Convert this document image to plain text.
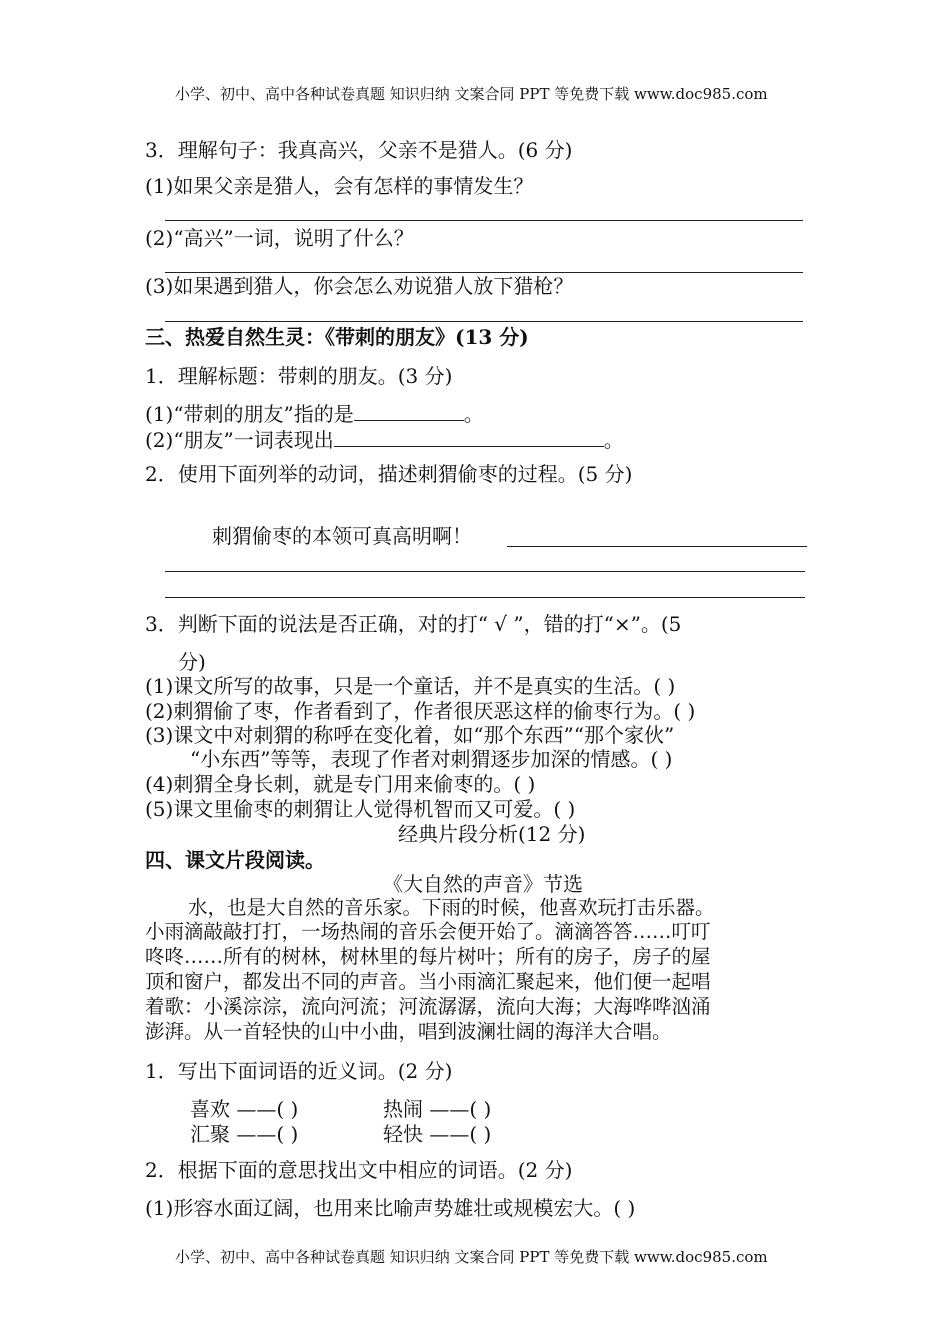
小学、初中、高中各种试卷真题 知识归纳 文案合同 PPT 等免费下载 www.doc985.com
3．理解句子：我真高兴，父亲不是猎人。(6 分)
(1)如果父亲是猎人，会有怎样的事情发生？
(2)“高兴”一词，说明了什么？
(3)如果遇到猎人，你会怎么劝说猎人放下猎枪？
三、热爱自然生灵：《带刺的朋友》(13 分)
1．理解标题：带刺的朋友。(3 分)
(1)“带刺的朋友”指的是	。
(2)“朋友”一词表现出	。
2．使用下面列举的动词，描述刺猬偷枣的过程。(5 分)
刺猬偷枣的本领可真高明啊！
3．判断下面的说法是否正确，对的打“ √ ”，错的打“×”。(5
分)
(1)课文所写的故事，只是一个童话，并不是真实的生活。( )
(2)刺猬偷了枣，作者看到了，作者很厌恶这样的偷枣行为。( )
(3)课文中对刺猬的称呼在变化着，如“那个东西”“那个家伙”
“小东西”等等，表现了作者对刺猬逐步加深的情感。( )
(4)刺猬全身长刺，就是专门用来偷枣的。( )
(5)课文里偷枣的刺猬让人觉得机智而又可爱。( )
经典片段分析(12 分)
四、课文片段阅读。
《大自然的声音》节选
水，也是大自然的音乐家。下雨的时候，他喜欢玩打击乐器。
小雨滴敲敲打打，一场热闹的音乐会便开始了。滴滴答答……叮叮
咚咚……所有的树林，树林里的每片树叶；所有的房子，房子的屋
顶和窗户，都发出不同的声音。当小雨滴汇聚起来，他们便一起唱
着歌：小溪淙淙，流向河流；河流潺潺，流向大海；大海哗哗汹涌
澎湃。从一首轻快的山中小曲，唱到波澜壮阔的海洋大合唱。
1．写出下面词语的近义词。(2 分)
喜欢 ——( )	热闹 ——( )
汇聚 ——( )	轻快 ——( )
2．根据下面的意思找出文中相应的词语。(2 分)
(1)形容水面辽阔，也用来比喻声势雄壮或规模宏大。( )
小学、初中、高中各种试卷真题 知识归纳 文案合同 PPT 等免费下载 www.doc985.com
